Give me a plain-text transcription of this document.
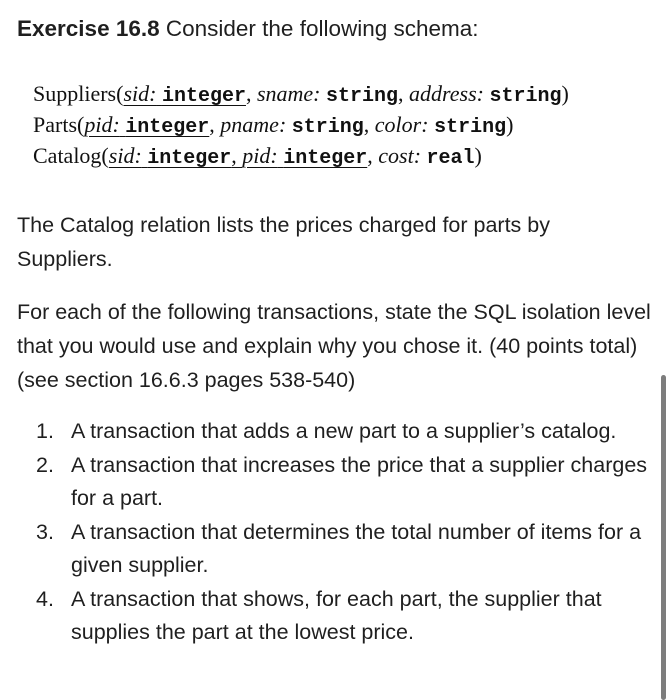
Exercise 16.8 Consider the following schema:
Suppliers(sid: integer, sname: string, address: string)
Parts(pid: integer, pname: string, color: string)
Catalog(sid: integer, pid: integer, cost: real)
The Catalog relation lists the prices charged for parts by Suppliers.
For each of the following transactions, state the SQL isolation level that you would use and explain why you chose it. (40 points total) (see section 16.6.3 pages 538-540)
1. A transaction that adds a new part to a supplier’s catalog.
2. A transaction that increases the price that a supplier charges for a part.
3. A transaction that determines the total number of items for a given supplier.
4. A transaction that shows, for each part, the supplier that supplies the part at the lowest price.
